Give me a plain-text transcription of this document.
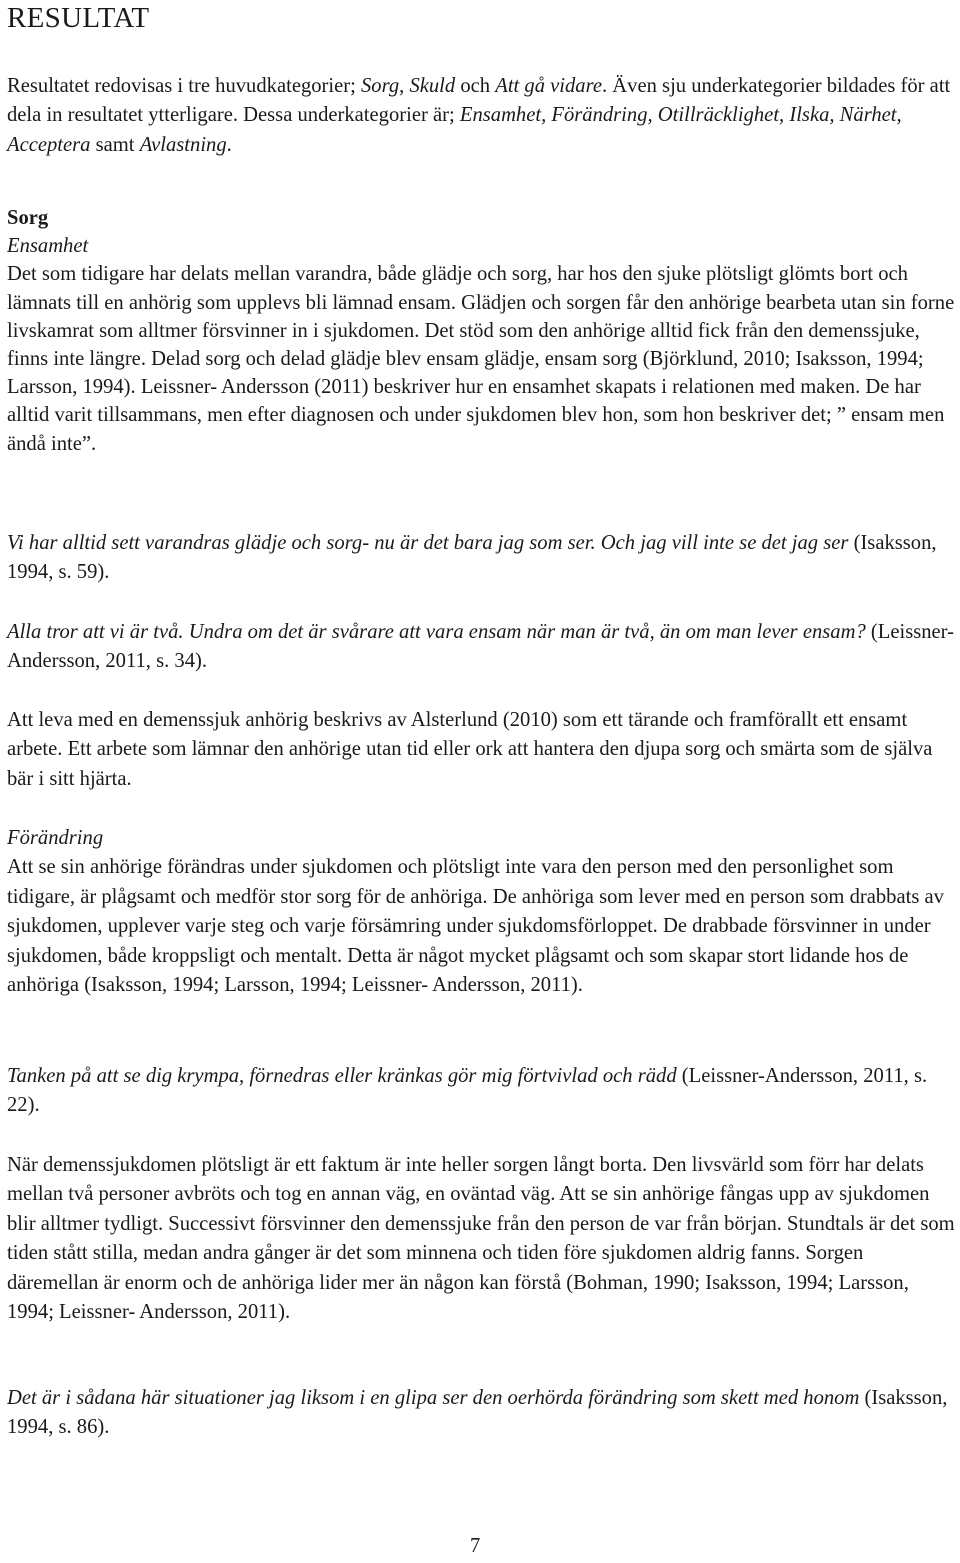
RESULTAT

Resultatet redovisas i tre huvudkategorier; Sorg, Skuld och Att gå vidare. Även sju underkategorier bildades för att dela in resultatet ytterligare. Dessa underkategorier är; Ensamhet, Förändring, Otillräcklighet, Ilska, Närhet, Acceptera samt Avlastning.

Sorg
Ensamhet
Det som tidigare har delats mellan varandra, både glädje och sorg, har hos den sjuke plötsligt glömts bort och lämnats till en anhörig som upplevs bli lämnad ensam. Glädjen och sorgen får den anhörige bearbeta utan sin forne livskamrat som alltmer försvinner in i sjukdomen. Det stöd som den anhörige alltid fick från den demenssjuke, finns inte längre. Delad sorg och delad glädje blev ensam glädje, ensam sorg (Björklund, 2010; Isaksson, 1994; Larsson, 1994). Leissner- Andersson (2011) beskriver hur en ensamhet skapats i relationen med maken. De har alltid varit tillsammans, men efter diagnosen och under sjukdomen blev hon, som hon beskriver det; ” ensam men ändå inte”.

Vi har alltid sett varandras glädje och sorg- nu är det bara jag som ser. Och jag vill inte se det jag ser (Isaksson, 1994, s. 59).

Alla tror att vi är två. Undra om det är svårare att vara ensam när man är två, än om man lever ensam? (Leissner- Andersson, 2011, s. 34).

Att leva med en demenssjuk anhörig beskrivs av Alsterlund (2010) som ett tärande och framförallt ett ensamt arbete. Ett arbete som lämnar den anhörige utan tid eller ork att hantera den djupa sorg och smärta som de själva bär i sitt hjärta.

Förändring
Att se sin anhörige förändras under sjukdomen och plötsligt inte vara den person med den personlighet som tidigare, är plågsamt och medför stor sorg för de anhöriga. De anhöriga som lever med en person som drabbats av sjukdomen, upplever varje steg och varje försämring under sjukdomsförloppet. De drabbade försvinner in under sjukdomen, både kroppsligt och mentalt. Detta är något mycket plågsamt och som skapar stort lidande hos de anhöriga (Isaksson, 1994; Larsson, 1994; Leissner- Andersson, 2011).

Tanken på att se dig krympa, förnedras eller kränkas gör mig förtvivlad och rädd (Leissner-Andersson, 2011, s. 22).

När demenssjukdomen plötsligt är ett faktum är inte heller sorgen långt borta. Den livsvärld som förr har delats mellan två personer avbröts och tog en annan väg, en oväntad väg. Att se sin anhörige fångas upp av sjukdomen blir alltmer tydligt. Successivt försvinner den demenssjuke från den person de var från början. Stundtals är det som tiden stått stilla, medan andra gånger är det som minnena och tiden före sjukdomen aldrig fanns. Sorgen däremellan är enorm och de anhöriga lider mer än någon kan förstå (Bohman, 1990; Isaksson, 1994; Larsson, 1994; Leissner- Andersson, 2011).

Det är i sådana här situationer jag liksom i en glipa ser den oerhörda förändring som skett med honom (Isaksson, 1994, s. 86).

7
